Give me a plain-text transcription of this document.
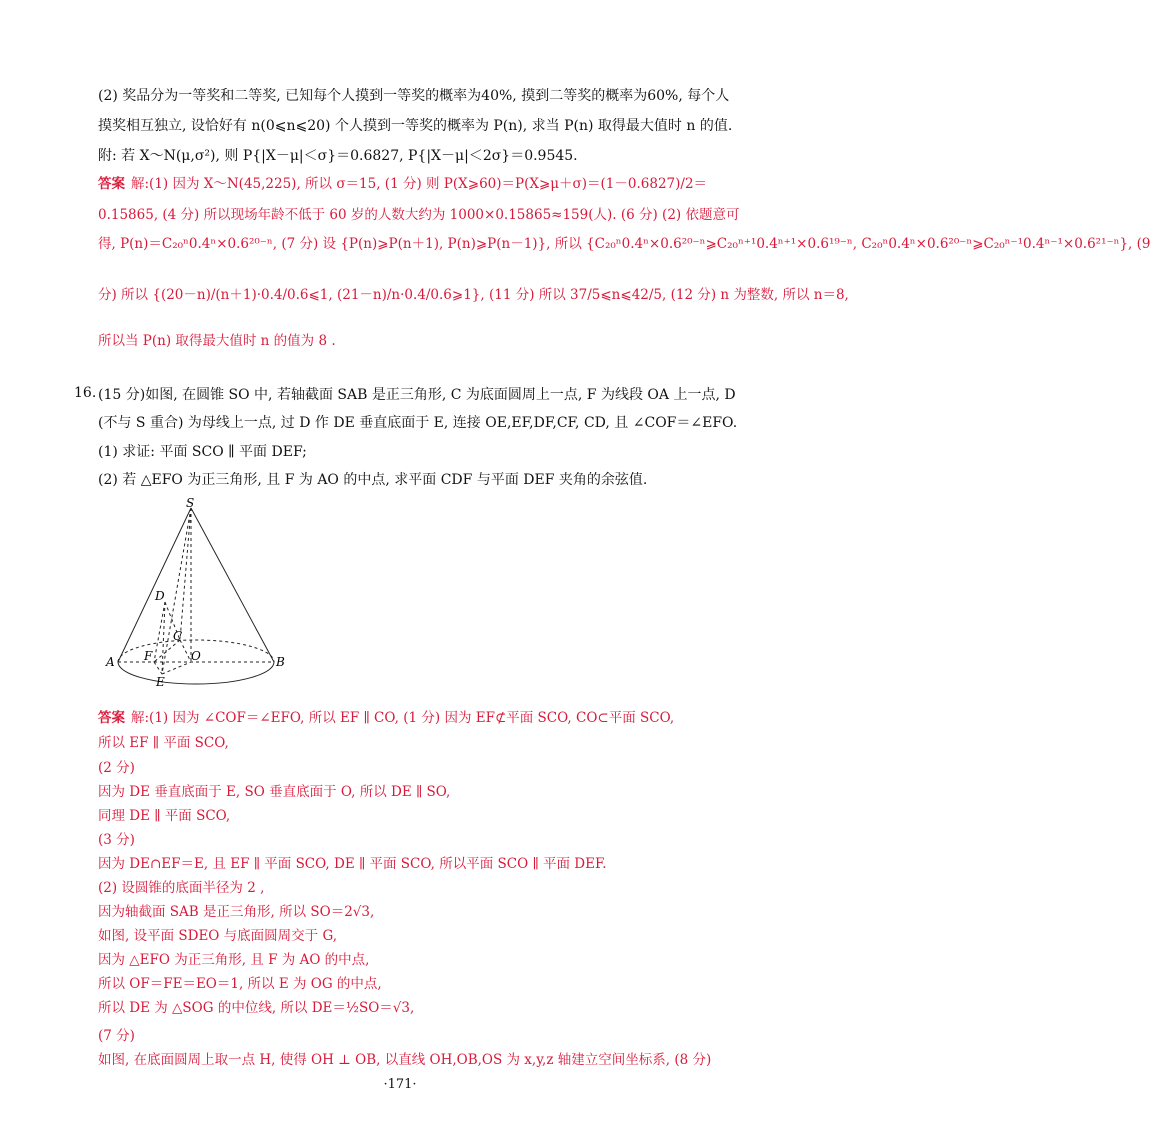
(2) 奖品分为一等奖和二等奖, 已知每个人摸到一等奖的概率为40%, 摸到二等奖的概率为60%, 每个人
摸奖相互独立, 设恰好有 n(0⩽n⩽20) 个人摸到一等奖的概率为 P(n), 求当 P(n) 取得最大值时 n 的值.
附: 若 X～N(μ,σ²), 则 P{|X－μ|＜σ}＝0.6827, P{|X－μ|＜2σ}＝0.9545.
答案 解:(1) 因为 X～N(45,225), 所以 σ＝15, (1 分) 则 P(X⩾60)＝P(X⩾μ＋σ)＝(1－0.6827)/2＝
0.15865, (4 分) 所以现场年龄不低于 60 岁的人数大约为 1000×0.15865≈159(人). (6 分) (2) 依题意可
得, P(n)＝C₂₀ⁿ0.4ⁿ×0.6²⁰⁻ⁿ, (7 分) 设 {P(n)⩾P(n＋1), P(n)⩾P(n－1)}, 所以 {C₂₀ⁿ0.4ⁿ×0.6²⁰⁻ⁿ⩾C₂₀ⁿ⁺¹0.4ⁿ⁺¹×0.6¹⁹⁻ⁿ, C₂₀ⁿ0.4ⁿ×0.6²⁰⁻ⁿ⩾C₂₀ⁿ⁻¹0.4ⁿ⁻¹×0.6²¹⁻ⁿ}, (9
分) 所以 {(20－n)/(n＋1)·0.4/0.6⩽1, (21－n)/n·0.4/0.6⩾1}, (11 分) 所以 37/5⩽n⩽42/5, (12 分) n 为整数, 所以 n＝8,
所以当 P(n) 取得最大值时 n 的值为 8 .
16. (15 分)如图, 在圆锥 SO 中, 若轴截面 SAB 是正三角形, C 为底面圆周上一点, F 为线段 OA 上一点, D
(不与 S 重合) 为母线上一点, 过 D 作 DE 垂直底面于 E, 连接 OE,EF,DF,CF, CD, 且 ∠COF＝∠EFO.
(1) 求证: 平面 SCO ∥ 平面 DEF;
(2) 若 △EFO 为正三角形, 且 F 为 AO 的中点, 求平面 CDF 与平面 DEF 夹角的余弦值.
S
D
C
A F	O	B
E
答案 解:(1) 因为 ∠COF＝∠EFO, 所以 EF ∥ CO, (1 分) 因为 EF⊄平面 SCO, CO⊂平面 SCO,
所以 EF ∥ 平面 SCO,
(2 分)
因为 DE 垂直底面于 E, SO 垂直底面于 O, 所以 DE ∥ SO,
同理 DE ∥ 平面 SCO,
(3 分)
因为 DE∩EF＝E, 且 EF ∥ 平面 SCO, DE ∥ 平面 SCO, 所以平面 SCO ∥ 平面 DEF.
(2) 设圆锥的底面半径为 2 ,
因为轴截面 SAB 是正三角形, 所以 SO＝2√3,
如图, 设平面 SDEO 与底面圆周交于 G,
因为 △EFO 为正三角形, 且 F 为 AO 的中点,
所以 OF＝FE＝EO＝1, 所以 E 为 OG 的中点,
所以 DE 为 △SOG 的中位线, 所以 DE＝½SO＝√3,
(7 分)
如图, 在底面圆周上取一点 H, 使得 OH ⊥ OB, 以直线 OH,OB,OS 为 x,y,z 轴建立空间坐标系, (8 分)
·171·
